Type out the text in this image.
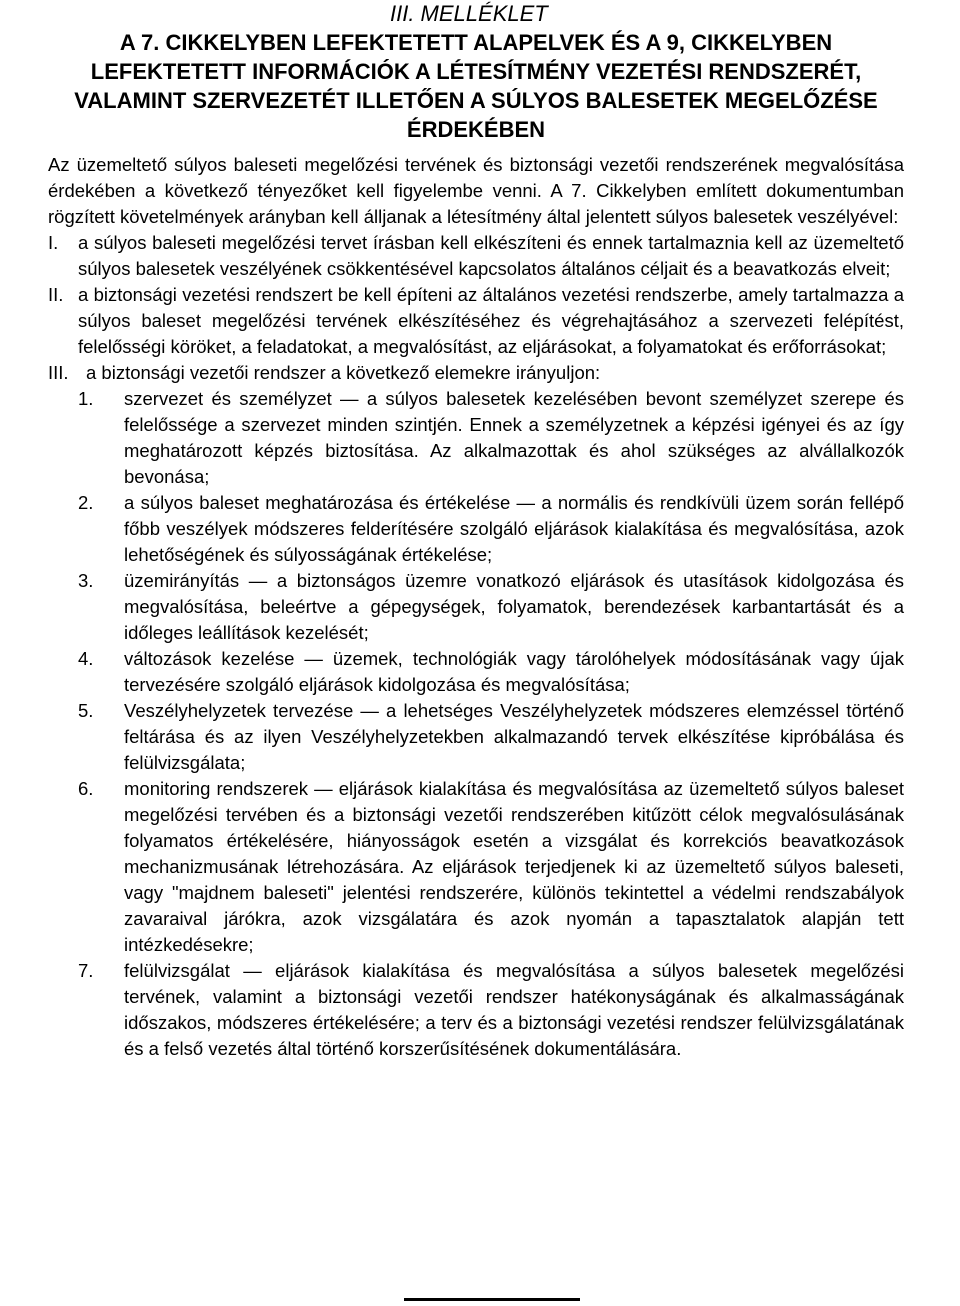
III. MELLÉKLET
A 7. CIKKELYBEN LEFEKTETETT ALAPELVEK ÉS A 9, CIKKELYBEN LEFEKTETETT INFORMÁCIÓK A LÉTESÍTMÉNY VEZETÉSI RENDSZERÉT, VALAMINT SZERVEZETÉT ILLETŐEN A SÚLYOS BALESETEK MEGELŐZÉSE ÉRDEKÉBEN

Az üzemeltető súlyos baleseti megelőzési tervének és biztonsági vezetői rendszerének megvalósítása érdekében a következő tényezőket kell figyelembe venni. A 7. Cikkelyben említett dokumentumban rögzített követelmények arányban kell álljanak a létesítmény által jelentett súlyos balesetek veszélyével:

I.	a súlyos baleseti megelőzési tervet írásban kell elkészíteni és ennek tartalmaznia kell az üzemeltető súlyos balesetek veszélyének csökkentésével kapcsolatos általános céljait és a beavatkozás elveit;
II. a biztonsági vezetési rendszert be kell építeni az általános vezetési rendszerbe, amely tartalmazza a súlyos baleset megelőzési tervének elkészítéséhez és végrehajtásához a szervezeti felépítést, felelősségi köröket, a feladatokat, a megvalósítást, az eljárásokat, a folyamatokat és erőforrásokat;
III. a biztonsági vezetői rendszer a következő elemekre irányuljon:
1.	szervezet és személyzet — a súlyos balesetek kezelésében bevont személyzet szerepe és felelőssége a szervezet minden szintjén. Ennek a személyzetnek a képzési igényei és az így meghatározott képzés biztosítása. Az alkalmazottak és ahol szükséges az alvállalkozók bevonása;
2.	a súlyos baleset meghatározása és értékelése — a normális és rendkívüli üzem során fellépő főbb veszélyek módszeres felderítésére szolgáló eljárások kialakítása és megvalósítása, azok lehetőségének és súlyosságának értékelése;
3.	üzemirányítás — a biztonságos üzemre vonatkozó eljárások és utasítások kidolgozása és megvalósítása, beleértve a gépegységek, folyamatok, berendezések karbantartását és a időleges leállítások kezelését;
4.	változások kezelése — üzemek, technológiák vagy tárolóhelyek módosításának vagy újak tervezésére szolgáló eljárások kidolgozása és megvalósítása;
5.	Veszélyhelyzetek tervezése — a lehetséges Veszélyhelyzetek módszeres elemzéssel történő feltárása és az ilyen Veszélyhelyzetekben alkalmazandó tervek elkészítése kipróbálása és felülvizsgálata;
6.	monitoring rendszerek — eljárások kialakítása és megvalósítása az üzemeltető súlyos baleset megelőzési tervében és a biztonsági vezetői rendszerében kitűzött célok megvalósulásának folyamatos értékelésére, hiányosságok esetén a vizsgálat és korrekciós beavatkozások mechanizmusának létrehozására. Az eljárások terjedjenek ki az üzemeltető súlyos baleseti, vagy "majdnem baleseti" jelentési rendszerére, különös tekintettel a védelmi rendszabályok zavaraival járókra, azok vizsgálatára és azok nyomán a tapasztalatok alapján tett intézkedésekre;
7.	felülvizsgálat — eljárások kialakítása és megvalósítása a súlyos balesetek megelőzési tervének, valamint a biztonsági vezetői rendszer hatékonyságának és alkalmasságának időszakos, módszeres értékelésére; a terv és a biztonsági vezetési rendszer felülvizsgálatának és a felső vezetés által történő korszerűsítésének dokumentálására.
